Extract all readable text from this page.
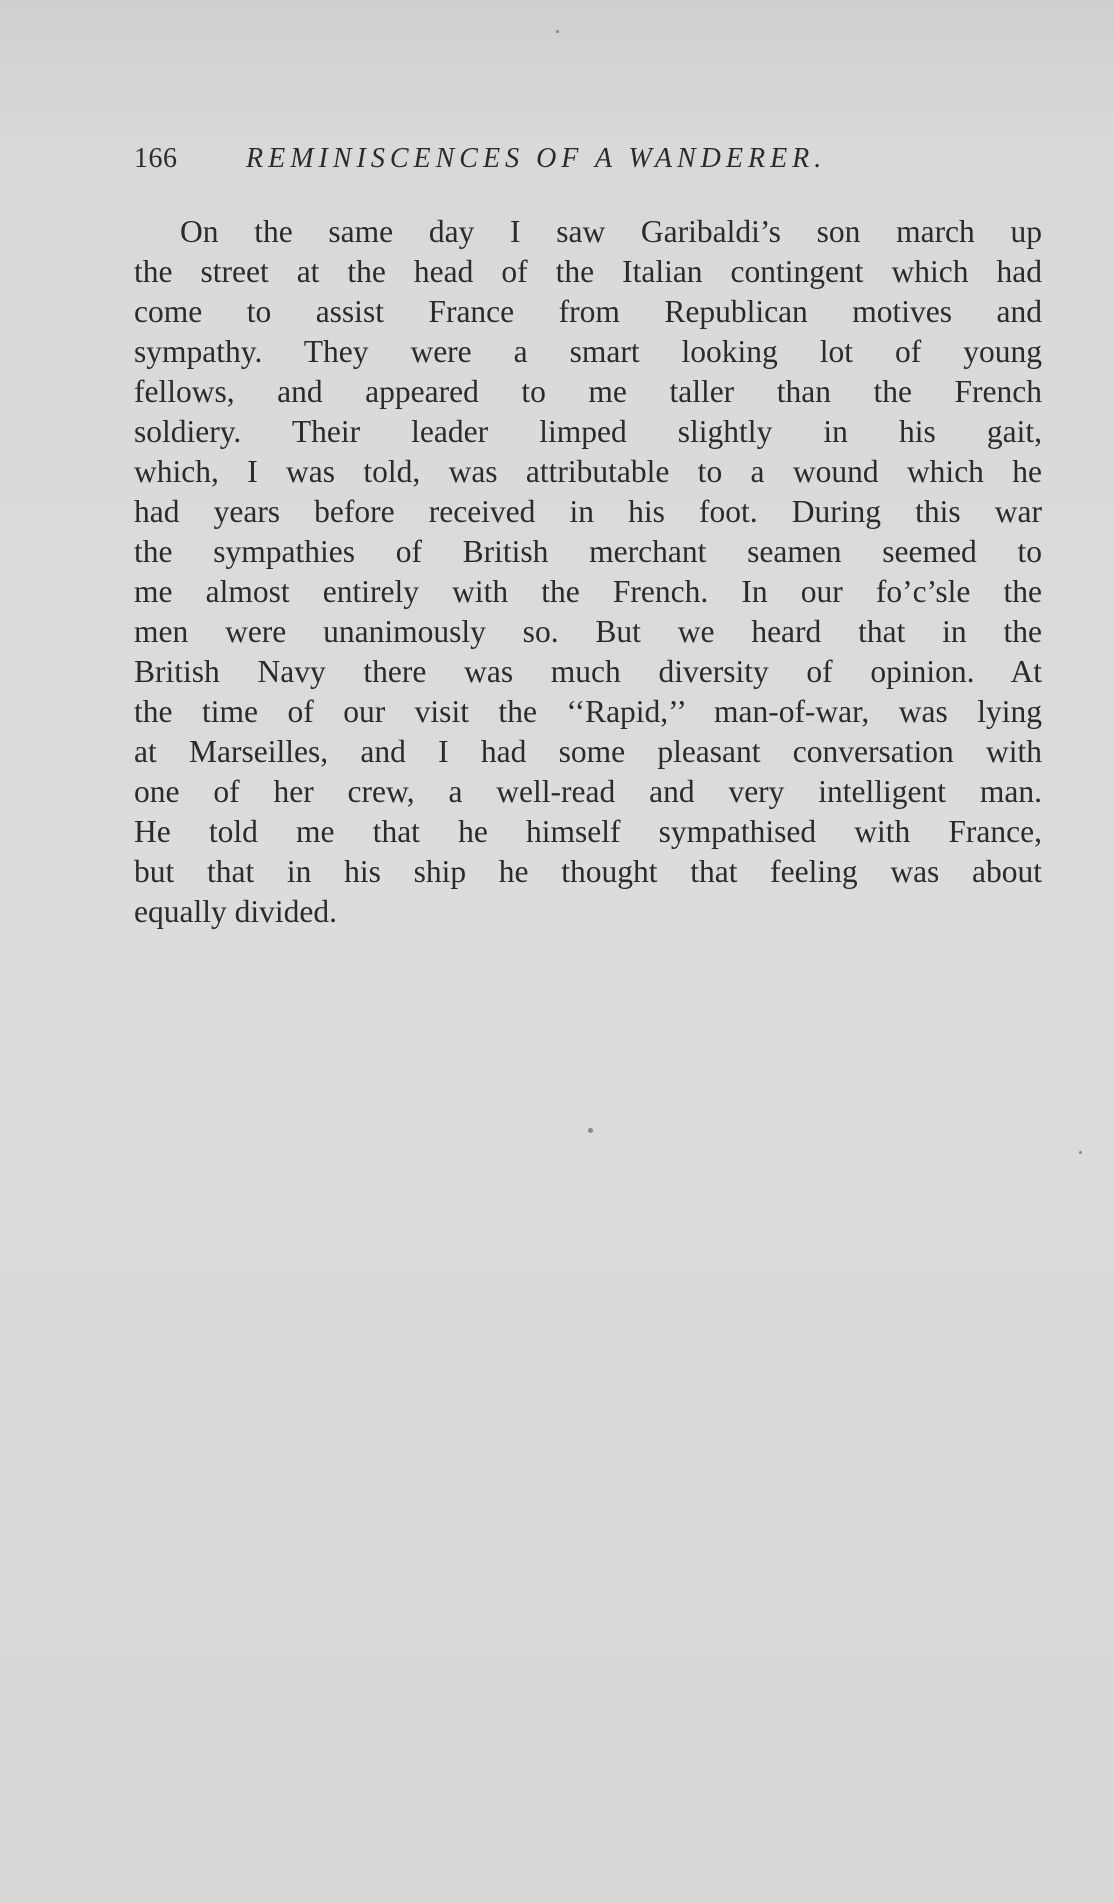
166 REMINISCENCES OF A WANDERER.
On the same day I saw Garibaldi’s son march up
the street at the head of the Italian contingent which had
come to assist France from Republican motives and
sympathy. They were a smart looking lot of young
fellows, and appeared to me taller than the French
soldiery. Their leader limped slightly in his gait,
which, I was told, was attributable to a wound which he
had years before received in his foot. During this war
the sympathies of British merchant seamen seemed to
me almost entirely with the French. In our fo’c’sle the
men were unanimously so. But we heard that in the
British Navy there was much diversity of opinion. At
the time of our visit the ‘‘Rapid,’’ man-of-war, was lying
at Marseilles, and I had some pleasant conversation with
one of her crew, a well-read and very intelligent man.
He told me that he himself sympathised with France,
but that in his ship he thought that feeling was about
equally divided.
